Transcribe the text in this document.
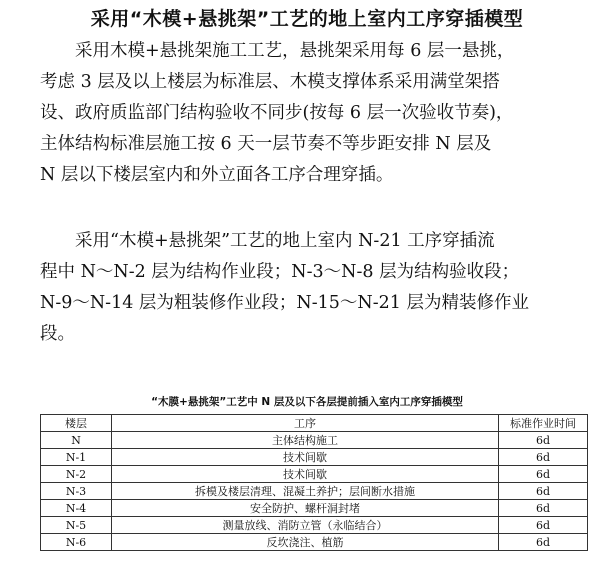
采用“木模+悬挑架”工艺的地上室内工序穿插模型
采用木模+悬挑架施工工艺，悬挑架采用每 6 层一悬挑，
考虑 3 层及以上楼层为标准层、木模支撑体系采用满堂架搭
设、政府质监部门结构验收不同步(按每 6 层一次验收节奏)，
主体结构标准层施工按 6 天一层节奏不等步距安排 N 层及
N 层以下楼层室内和外立面各工序合理穿插。
采用“木模+悬挑架”工艺的地上室内 N-21 工序穿插流
程中 N～N-2 层为结构作业段；N-3～N-8 层为结构验收段；
N-9～N-14 层为粗装修作业段；N-15～N-21 层为精装修作业
段。
“木膜+悬挑架”工艺中 N 层及以下各层提前插入室内工序穿插模型
楼层	工序	标准作业时间
N	主体结构施工	6d
N-1	技术间歇	6d
N-2	技术间歇	6d
N-3	拆模及楼层清理、混凝土养护；层间断水措施	6d
N-4	安全防护、螺杆洞封堵	6d
N-5	测量放线、消防立管（永临结合）	6d
N-6	反坎浇注、植筋	6d
